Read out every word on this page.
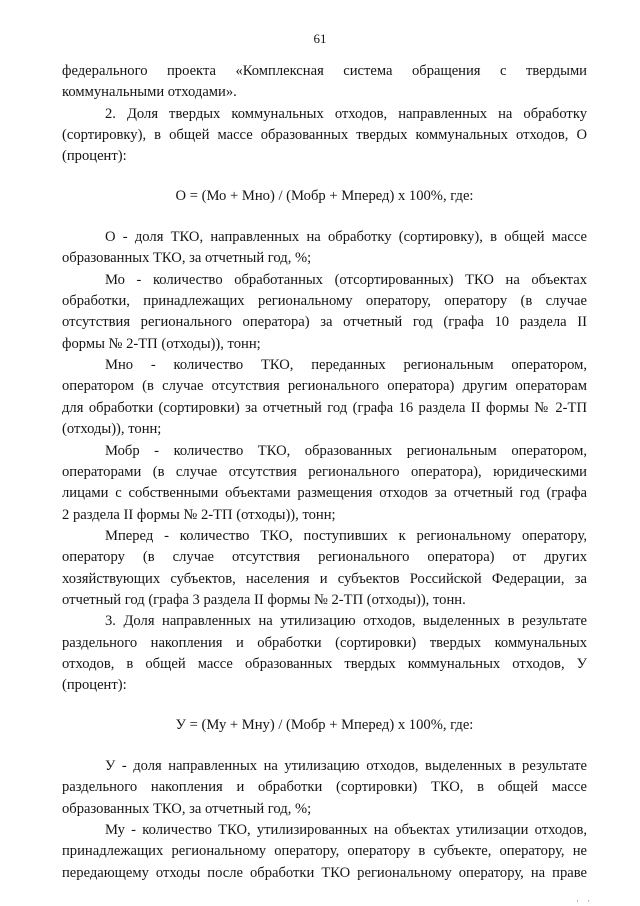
61
федерального проекта «Комплексная система обращения с твердыми
коммунальными отходами».
2. Доля твердых коммунальных отходов, направленных на обработку
(сортировку), в общей массе образованных твердых коммунальных отходов, О
(процент):
О = (Мо + Мно) / (Мобр + Мперед) x 100%, где:
О - доля ТКО, направленных на обработку (сортировку), в общей массе
образованных ТКО, за отчетный год, %;
Мо - количество обработанных (отсортированных) ТКО на объектах
обработки, принадлежащих региональному оператору, оператору (в случае
отсутствия регионального оператора) за отчетный год (графа 10 раздела II
формы № 2-ТП (отходы)), тонн;
Мно - количество ТКО, переданных региональным оператором,
оператором (в случае отсутствия регионального оператора) другим операторам
для обработки (сортировки) за отчетный год (графа 16 раздела II формы № 2-ТП
(отходы)), тонн;
Мобр - количество ТКО, образованных региональным оператором,
операторами (в случае отсутствия регионального оператора), юридическими
лицами с собственными объектами размещения отходов за отчетный год (графа
2 раздела II формы № 2-ТП (отходы)), тонн;
Мперед - количество ТКО, поступивших к региональному оператору,
оператору (в случае отсутствия регионального оператора) от других
хозяйствующих субъектов, населения и субъектов Российской Федерации, за
отчетный год (графа 3 раздела II формы № 2-ТП (отходы)), тонн.
3. Доля направленных на утилизацию отходов, выделенных в результате
раздельного накопления и обработки (сортировки) твердых коммунальных
отходов, в общей массе образованных твердых коммунальных отходов, У
(процент):
У = (Му + Мну) / (Мобр + Мперед) x 100%, где:
У - доля направленных на утилизацию отходов, выделенных в результате
раздельного накопления и обработки (сортировки) ТКО, в общей массе
образованных ТКО, за отчетный год, %;
Му - количество ТКО, утилизированных на объектах утилизации отходов,
принадлежащих региональному оператору, оператору в субъекте, оператору, не
передающему отходы после обработки ТКО региональному оператору, на праве
· ·
